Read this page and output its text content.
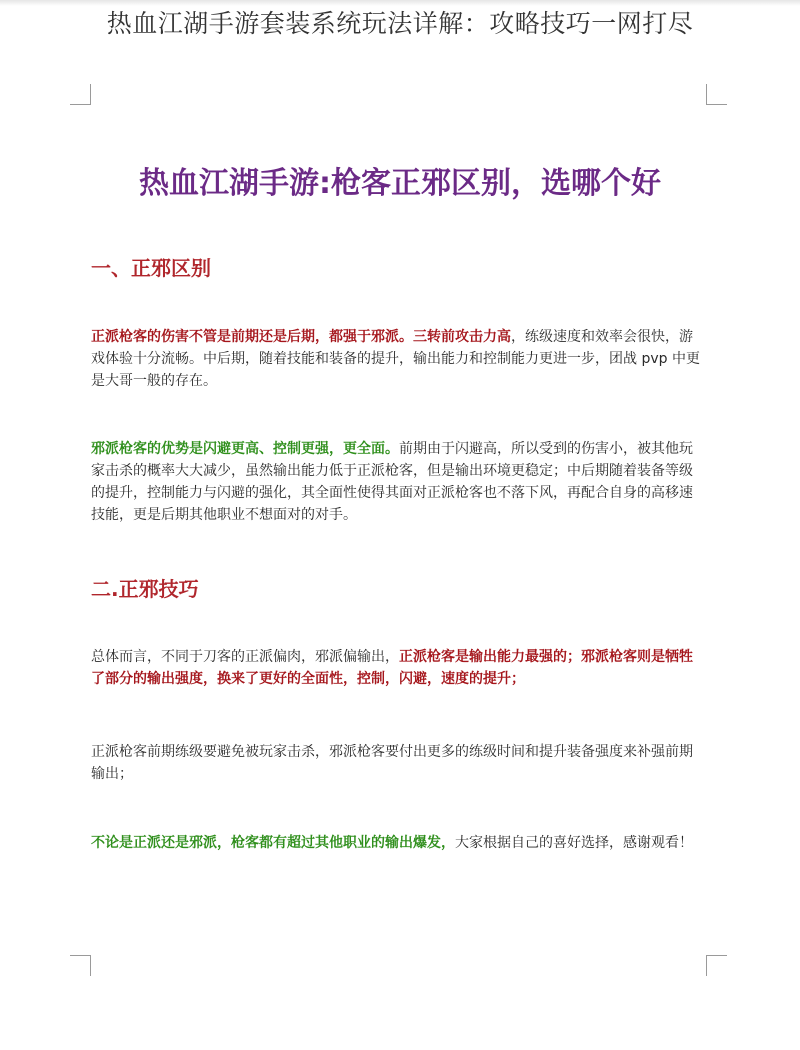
热血江湖手游套装系统玩法详解：攻略技巧一网打尽
热血江湖手游:枪客正邪区别，选哪个好
一、正邪区别
正派枪客的伤害不管是前期还是后期，都强于邪派。三转前攻击力高，练级速度和效率会很快，游戏体验十分流畅。中后期，随着技能和装备的提升，输出能力和控制能力更进一步，团战 pvp 中更是大哥一般的存在。
邪派枪客的优势是闪避更高、控制更强，更全面。前期由于闪避高，所以受到的伤害小，被其他玩家击杀的概率大大减少，虽然输出能力低于正派枪客，但是输出环境更稳定；中后期随着装备等级的提升，控制能力与闪避的强化，其全面性使得其面对正派枪客也不落下风，再配合自身的高移速技能，更是后期其他职业不想面对的对手。
二.正邪技巧
总体而言，不同于刀客的正派偏肉，邪派偏输出，正派枪客是输出能力最强的；邪派枪客则是牺牲了部分的输出强度，换来了更好的全面性，控制，闪避，速度的提升；
正派枪客前期练级要避免被玩家击杀，邪派枪客要付出更多的练级时间和提升装备强度来补强前期输出；
不论是正派还是邪派，枪客都有超过其他职业的输出爆发，大家根据自己的喜好选择，感谢观看！
